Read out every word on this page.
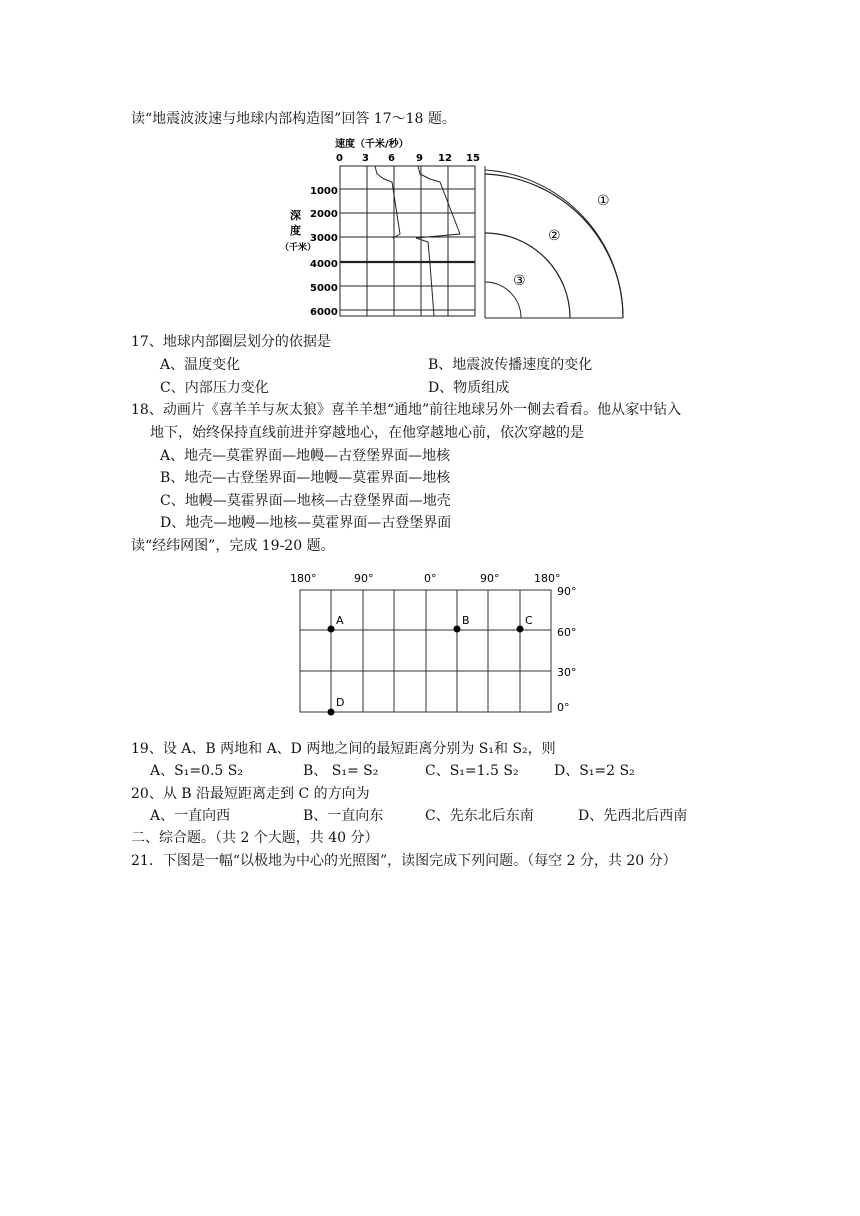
读“地震波波速与地球内部构造图”回答 17～18 题。
速度（千米/秒）
0 3 6 9 12 15
1000
2000
3000
4000
5000
6000
深
度
（千米）
①
②
③
17、地球内部圈层划分的依据是
A、温度变化	B、地震波传播速度的变化
C、内部压力变化	D、物质组成
18、动画片《喜羊羊与灰太狼》喜羊羊想“通地”前往地球另外一侧去看看。他从家中钻入
地下，始终保持直线前进并穿越地心，在他穿越地心前，依次穿越的是
A、地壳—莫霍界面—地幔—古登堡界面—地核
B、地壳—古登堡界面—地幔—莫霍界面—地核
C、地幔—莫霍界面—地核—古登堡界面—地壳
D、地壳—地幔—地核—莫霍界面—古登堡界面
读“经纬网图”，完成 19-20 题。
180°	90°	0°	90°	180°
90°
60°
30°
0°
A	B	C
D
19、设 A、B 两地和 A、D 两地之间的最短距离分别为 S₁和 S₂，则
A、S₁=0.5 S₂	B、 S₁= S₂	C、S₁=1.5 S₂	D、S₁=2 S₂
20、从 B 沿最短距离走到 C 的方向为
A、一直向西	B、一直向东	C、先东北后东南	D、先西北后西南
二、综合题。（共 2 个大题，共 40 分）
21．下图是一幅“以极地为中心的光照图”，读图完成下列问题。（每空 2 分，共 20 分）
